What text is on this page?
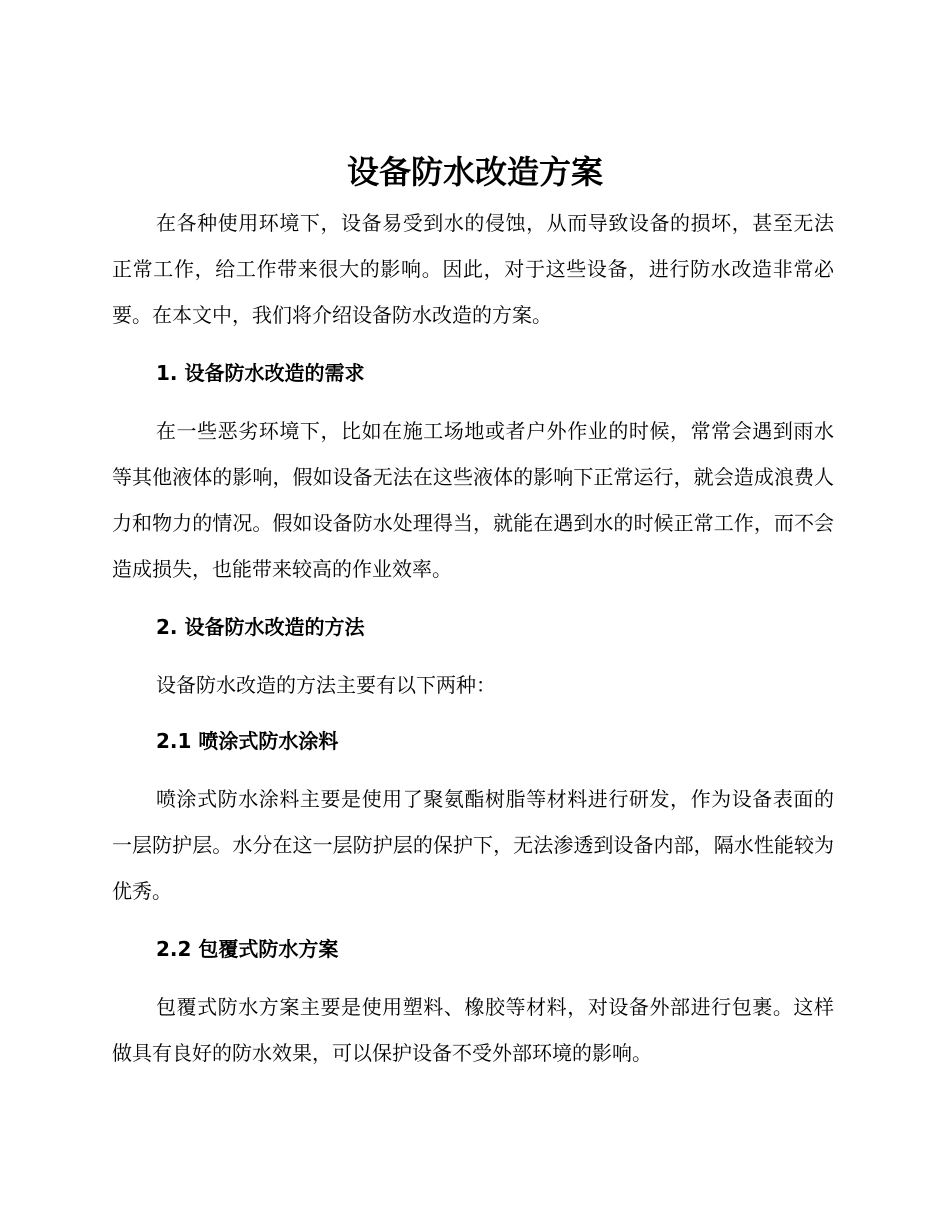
设备防水改造方案

在各种使用环境下，设备易受到水的侵蚀，从而导致设备的损坏，甚至无法正常工作，给工作带来很大的影响。因此，对于这些设备，进行防水改造非常必要。在本文中，我们将介绍设备防水改造的方案。

1. 设备防水改造的需求

在一些恶劣环境下，比如在施工场地或者户外作业的时候，常常会遇到雨水等其他液体的影响，假如设备无法在这些液体的影响下正常运行，就会造成浪费人力和物力的情况。假如设备防水处理得当，就能在遇到水的时候正常工作，而不会造成损失，也能带来较高的作业效率。

2. 设备防水改造的方法

设备防水改造的方法主要有以下两种：

2.1 喷涂式防水涂料

喷涂式防水涂料主要是使用了聚氨酯树脂等材料进行研发，作为设备表面的一层防护层。水分在这一层防护层的保护下，无法渗透到设备内部，隔水性能较为优秀。

2.2 包覆式防水方案

包覆式防水方案主要是使用塑料、橡胶等材料，对设备外部进行包裹。这样做具有良好的防水效果，可以保护设备不受外部环境的影响。
